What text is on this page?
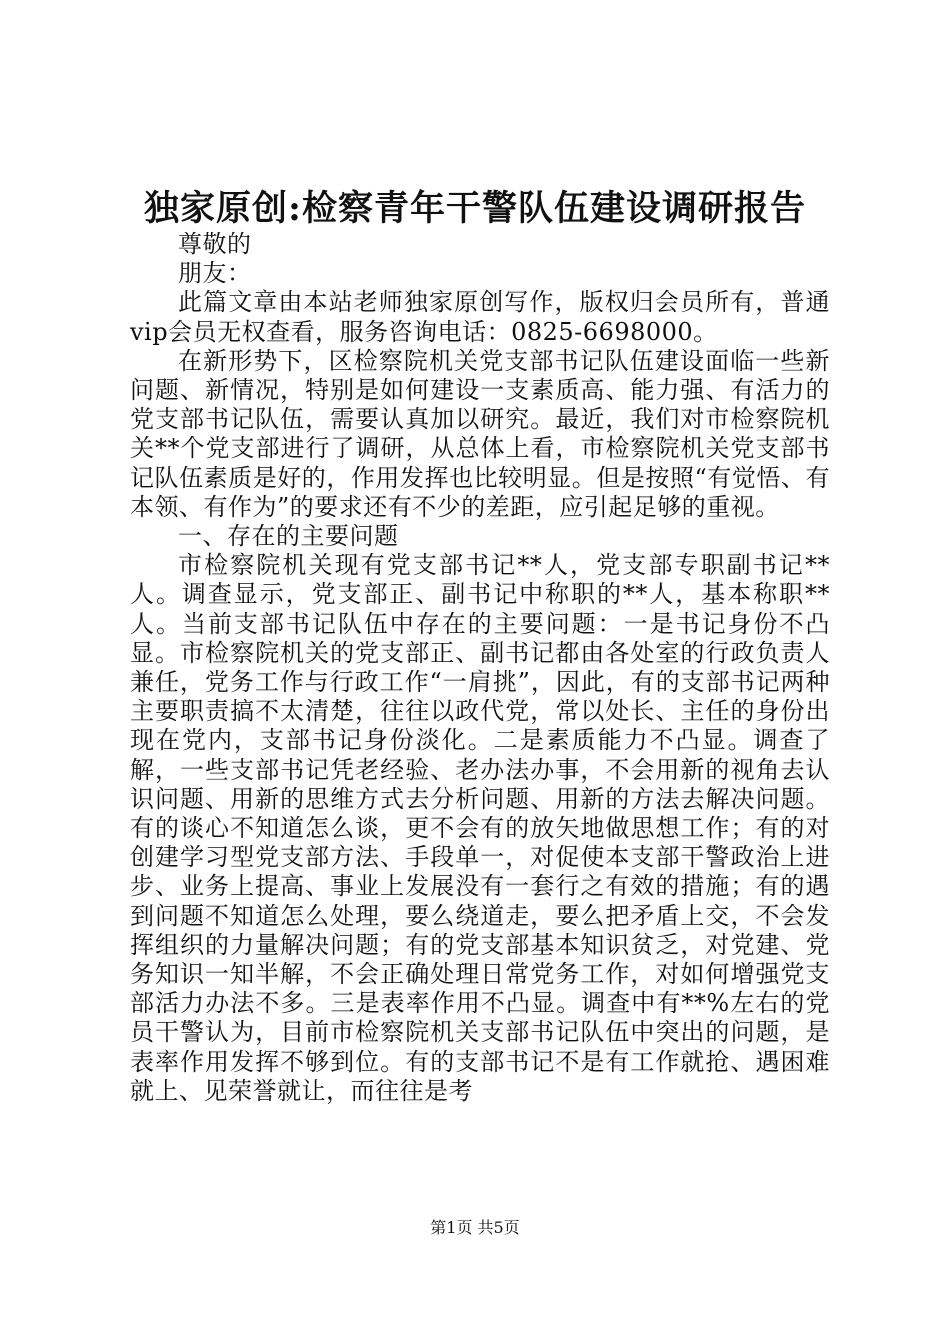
独家原创:检察青年干警队伍建设调研报告

尊敬的

朋友：

此篇文章由本站老师独家原创写作，版权归会员所有，普通vip会员无权查看，服务咨询电话：0825-6698000。

在新形势下，区检察院机关党支部书记队伍建设面临一些新问题、新情况，特别是如何建设一支素质高、能力强、有活力的党支部书记队伍，需要认真加以研究。最近，我们对市检察院机关**个党支部进行了调研，从总体上看，市检察院机关党支部书记队伍素质是好的，作用发挥也比较明显。但是按照“有觉悟、有本领、有作为”的要求还有不少的差距，应引起足够的重视。

一、存在的主要问题

市检察院机关现有党支部书记**人，党支部专职副书记**人。调查显示，党支部正、副书记中称职的**人，基本称职**人。当前支部书记队伍中存在的主要问题：一是书记身份不凸显。市检察院机关的党支部正、副书记都由各处室的行政负责人兼任，党务工作与行政工作“一肩挑”，因此，有的支部书记两种主要职责搞不太清楚，往往以政代党，常以处长、主任的身份出现在党内，支部书记身份淡化。二是素质能力不凸显。调查了解，一些支部书记凭老经验、老办法办事，不会用新的视角去认识问题、用新的思维方式去分析问题、用新的方法去解决问题。有的谈心不知道怎么谈，更不会有的放矢地做思想工作；有的对创建学习型党支部方法、手段单一，对促使本支部干警政治上进步、业务上提高、事业上发展没有一套行之有效的措施；有的遇到问题不知道怎么处理，要么绕道走，要么把矛盾上交，不会发挥组织的力量解决问题；有的党支部基本知识贫乏，对党建、党务知识一知半解，不会正确处理日常党务工作，对如何增强党支部活力办法不多。三是表率作用不凸显。调查中有**%左右的党员干警认为，目前市检察院机关支部书记队伍中突出的问题，是表率作用发挥不够到位。有的支部书记不是有工作就抢、遇困难就上、见荣誉就让，而往往是考

第1页 共5页
